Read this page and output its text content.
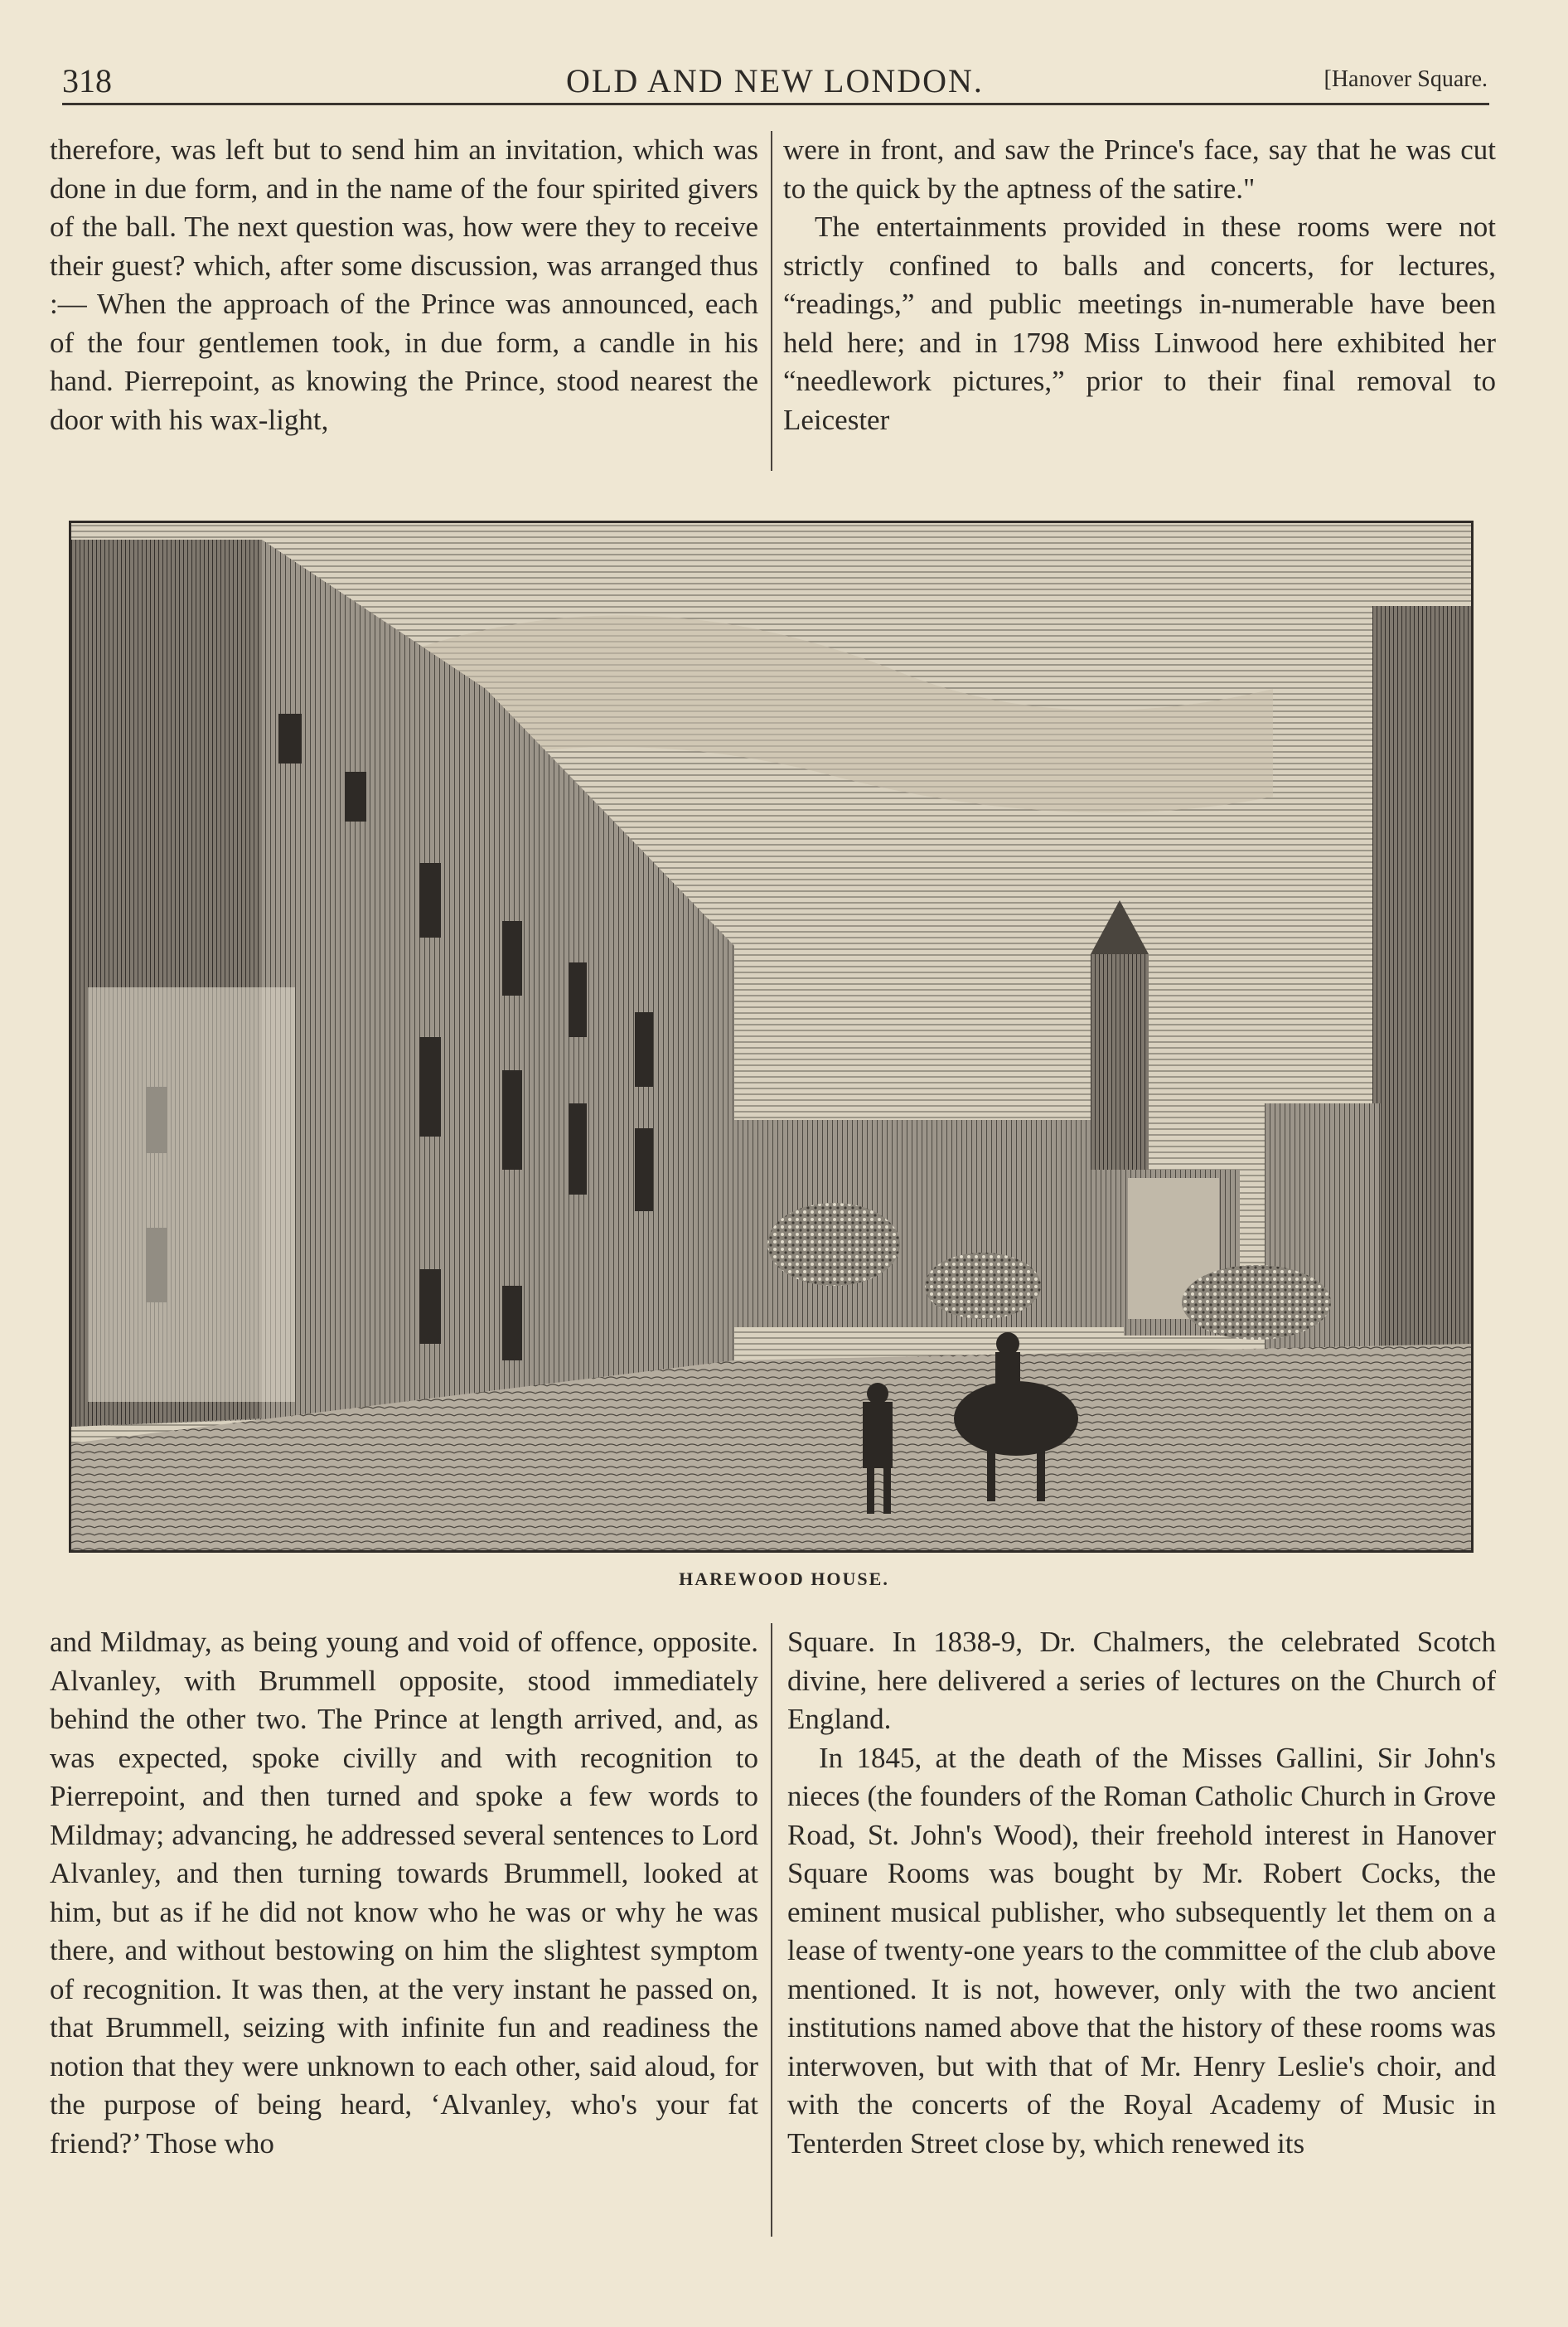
318	OLD AND NEW LONDON.	[Hanover Square.

therefore, was left but to send him an invitation, which was done in due form, and in the name of the four spirited givers of the ball. The next question was, how were they to receive their guest? which, after some discussion, was arranged thus :— When the approach of the Prince was announced, each of the four gentlemen took, in due form, a candle in his hand. Pierrepoint, as knowing the Prince, stood nearest the door with his wax-light,

were in front, and saw the Prince's face, say that he was cut to the quick by the aptness of the satire."

The entertainments provided in these rooms were not strictly confined to balls and concerts, for lectures, “readings,” and public meetings in-numerable have been held here; and in 1798 Miss Linwood here exhibited her “needlework pictures,” prior to their final removal to Leicester

HAREWOOD HOUSE.

and Mildmay, as being young and void of offence, opposite. Alvanley, with Brummell opposite, stood immediately behind the other two. The Prince at length arrived, and, as was expected, spoke civilly and with recognition to Pierrepoint, and then turned and spoke a few words to Mildmay; advancing, he addressed several sentences to Lord Alvanley, and then turning towards Brummell, looked at him, but as if he did not know who he was or why he was there, and without bestowing on him the slightest symptom of recognition. It was then, at the very instant he passed on, that Brummell, seizing with infinite fun and readiness the notion that they were unknown to each other, said aloud, for the purpose of being heard, ‘Alvanley, who's your fat friend?’ Those who

Square. In 1838-9, Dr. Chalmers, the celebrated Scotch divine, here delivered a series of lectures on the Church of England.

In 1845, at the death of the Misses Gallini, Sir John's nieces (the founders of the Roman Catholic Church in Grove Road, St. John's Wood), their freehold interest in Hanover Square Rooms was bought by Mr. Robert Cocks, the eminent musical publisher, who subsequently let them on a lease of twenty-one years to the committee of the club above mentioned. It is not, however, only with the two ancient institutions named above that the history of these rooms was interwoven, but with that of Mr. Henry Leslie's choir, and with the concerts of the Royal Academy of Music in Tenterden Street close by, which renewed its
